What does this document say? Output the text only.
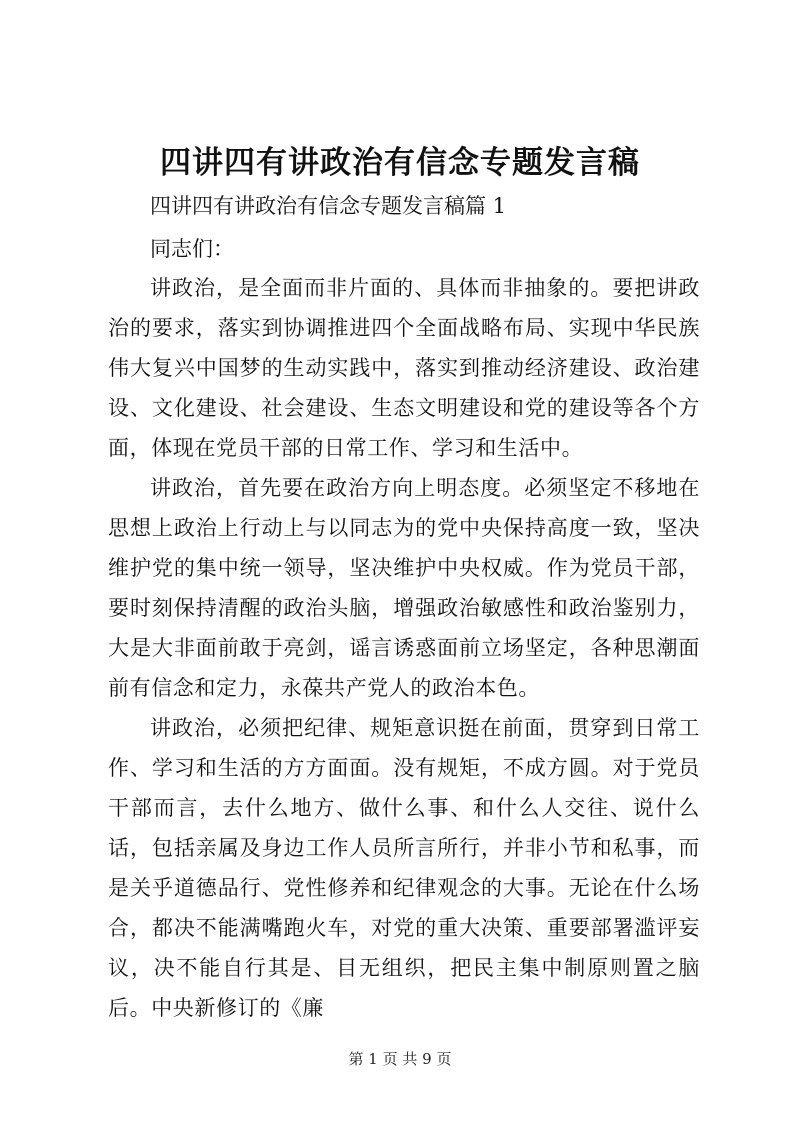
四讲四有讲政治有信念专题发言稿
四讲四有讲政治有信念专题发言稿篇 1
同志们：

讲政治，是全面而非片面的、具体而非抽象的。要把讲政治的要求，落实到协调推进四个全面战略布局、实现中华民族伟大复兴中国梦的生动实践中，落实到推动经济建设、政治建设、文化建设、社会建设、生态文明建设和党的建设等各个方面，体现在党员干部的日常工作、学习和生活中。

讲政治，首先要在政治方向上明态度。必须坚定不移地在思想上政治上行动上与以同志为的党中央保持高度一致，坚决维护党的集中统一领导，坚决维护中央权威。作为党员干部，要时刻保持清醒的政治头脑，增强政治敏感性和政治鉴别力，大是大非面前敢于亮剑，谣言诱惑面前立场坚定，各种思潮面前有信念和定力，永葆共产党人的政治本色。

讲政治，必须把纪律、规矩意识挺在前面，贯穿到日常工作、学习和生活的方方面面。没有规矩，不成方圆。对于党员干部而言，去什么地方、做什么事、和什么人交往、说什么话，包括亲属及身边工作人员所言所行，并非小节和私事，而是关乎道德品行、党性修养和纪律观念的大事。无论在什么场合，都决不能满嘴跑火车，对党的重大决策、重要部署滥评妄议，决不能自行其是、目无组织，把民主集中制原则置之脑后。中央新修订的《廉

第 1 页 共 9 页
